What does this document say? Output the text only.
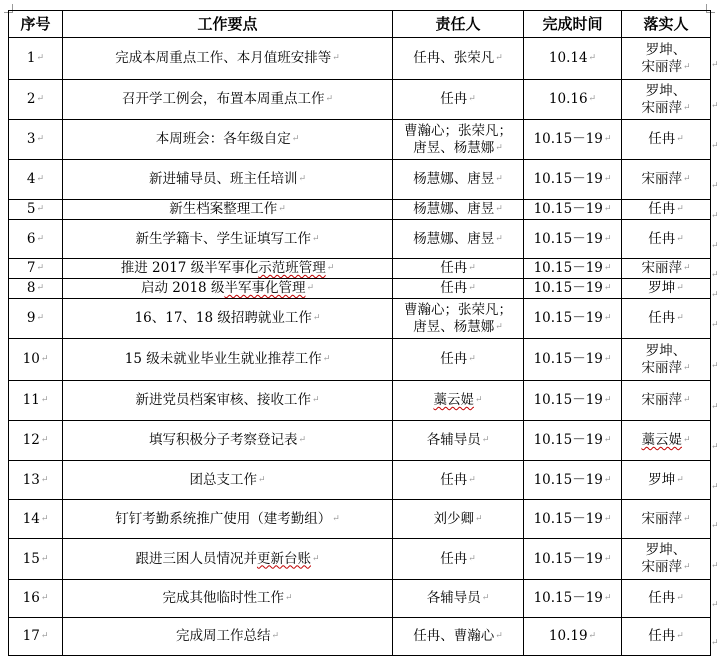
序号	工作要点	责任人	完成时间	落实人
1↵	完成本周重点工作、本月值班安排等↵	任冉、张荣凡↵	10.14↵	罗坤、
宋丽萍↵
2↵	召开学工例会，布置本周重点工作↵	任冉↵	10.16↵	罗坤、
宋丽萍↵
3↵	本周班会：各年级自定↵	曹瀚心；张荣凡；
唐昱、杨慧娜↵	10.15－19↵	任冉↵
4↵	新进辅导员、班主任培训↵	杨慧娜、唐昱↵	10.15－19↵	宋丽萍↵
5↵	新生档案整理工作↵	杨慧娜、唐昱↵	10.15－19↵	任冉↵
6↵	新生学籍卡、学生证填写工作↵	杨慧娜、唐昱↵	10.15－19↵	任冉↵
7↵	推进 2017 级半军事化示范班管理↵	任冉↵	10.15－19↵	宋丽萍↵
8↵	启动 2018 级半军事化管理↵	任冉↵	10.15－19↵	罗坤↵
9↵	16、17、18 级招聘就业工作↵	曹瀚心；张荣凡；
唐昱、杨慧娜↵	10.15－19↵	任冉↵
10↵	15 级未就业毕业生就业推荐工作↵	任冉↵	10.15－19↵	罗坤、
宋丽萍↵
11↵	新进党员档案审核、接收工作↵	藁云媞↵	10.15－19↵	宋丽萍↵
12↵	填写积极分子考察登记表↵	各辅导员↵	10.15－19↵	藁云媞↵
13↵	团总支工作↵	任冉↵	10.15－19↵	罗坤↵
14↵	钉钉考勤系统推广使用（建考勤组）↵	刘少卿↵	10.15－19↵	宋丽萍↵
15↵	跟进三困人员情况并更新台账↵	任冉↵	10.15－19↵	罗坤、
宋丽萍↵
16↵	完成其他临时性工作↵	各辅导员↵	10.15－19↵	任冉↵
17↵	完成周工作总结↵	任冉、曹瀚心↵	10.19↵	任冉↵
↵
↵
↵
↵
↵
↵
↵
↵
↵
↵
↵
↵
↵
↵
↵
↵
↵
